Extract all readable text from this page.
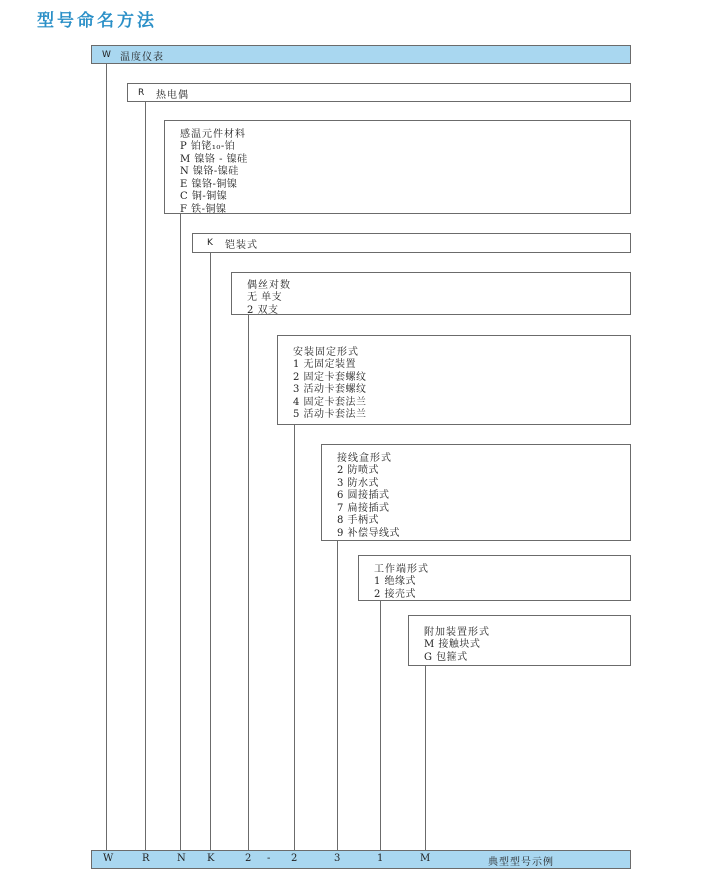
型号命名方法
W 温度仪表
R 热电偶
感温元件材料
P 铂铑₁₀-铂
M 镍铬 - 镍硅
N 镍铬-镍硅
E 镍铬-铜镍
C 铜-铜镍
F 铁-铜镍
K 铠装式
偶丝对数
无 单支
2 双支
安装固定形式
1 无固定装置
2 固定卡套螺纹
3 活动卡套螺纹
4 固定卡套法兰
5 活动卡套法兰
接线盒形式
2 防喷式
3 防水式
6 圆接插式
7 扁接插式
8 手柄式
9 补偿导线式
工作端形式
1 绝缘式
2 接壳式
附加装置形式
M 接触块式
G 包箍式
W	R	N K	2 - 2	3	1	M	典型型号示例
